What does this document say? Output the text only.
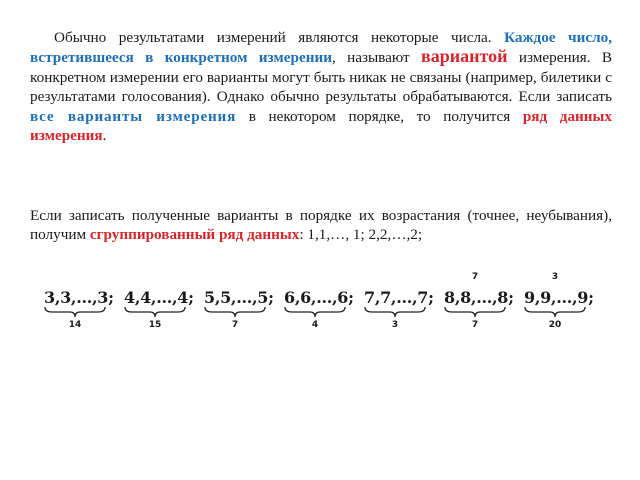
Обычно результатами измерений являются некоторые числа. Каждое число, встретившееся в конкретном измерении, называют вариантой измерения. В конкретном измерении его варианты могут быть никак не связаны (например, билетики с результатами голосования). Однако обычно результаты обрабатываются. Если записать все варианты измерения в некотором порядке, то получится ряд данных измерения.

Если записать полученные варианты в порядке их возрастания (точнее, неубывания), получим сгруппированный ряд данных: 1,1,…, 1; 2,2,…,2;

3,3,...,3;
14
4,4,...,4;
15
5,5,...,5;
7
6,6,...,6;
4
7,7,...,7;
3
7
8,8,...,8;
7
3
9,9,...,9;
20
